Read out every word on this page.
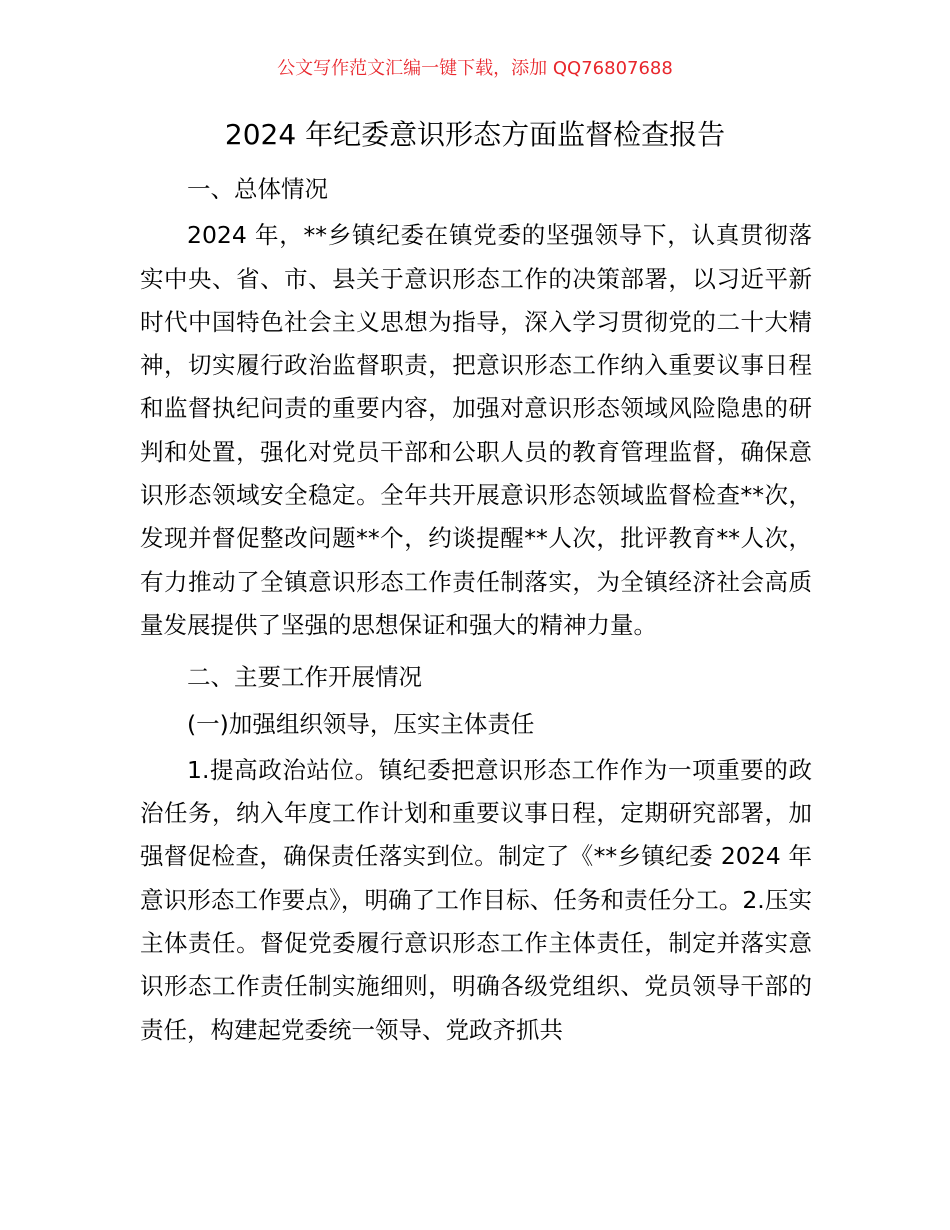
公文写作范文汇编一键下载，添加 QQ76807688
2024 年纪委意识形态方面监督检查报告

一、总体情况

2024 年，**乡镇纪委在镇党委的坚强领导下，认真贯彻落实中央、省、市、县关于意识形态工作的决策部署，以习近平新时代中国特色社会主义思想为指导，深入学习贯彻党的二十大精神，切实履行政治监督职责，把意识形态工作纳入重要议事日程和监督执纪问责的重要内容，加强对意识形态领域风险隐患的研判和处置，强化对党员干部和公职人员的教育管理监督，确保意识形态领域安全稳定。全年共开展意识形态领域监督检查**次，发现并督促整改问题**个，约谈提醒**人次，批评教育**人次，有力推动了全镇意识形态工作责任制落实，为全镇经济社会高质量发展提供了坚强的思想保证和强大的精神力量。

二、主要工作开展情况

(一)加强组织领导，压实主体责任

1.提高政治站位。镇纪委把意识形态工作作为一项重要的政治任务，纳入年度工作计划和重要议事日程，定期研究部署，加强督促检查，确保责任落实到位。制定了《**乡镇纪委 2024 年意识形态工作要点》，明确了工作目标、任务和责任分工。2.压实主体责任。督促党委履行意识形态工作主体责任，制定并落实意识形态工作责任制实施细则，明确各级党组织、党员领导干部的责任，构建起党委统一领导、党政齐抓共
